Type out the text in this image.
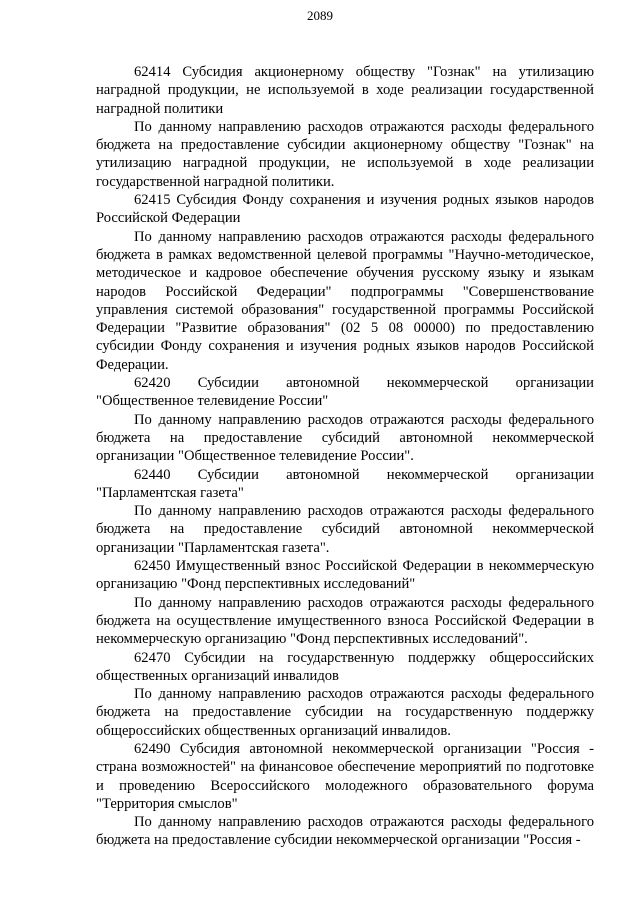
2089

62414 Субсидия акционерному обществу "Гознак" на утилизацию наградной продукции, не используемой в ходе реализации государственной наградной политики

По данному направлению расходов отражаются расходы федерального бюджета на предоставление субсидии акционерному обществу "Гознак" на утилизацию наградной продукции, не используемой в ходе реализации государственной наградной политики.

62415 Субсидия Фонду сохранения и изучения родных языков народов Российской Федерации

По данному направлению расходов отражаются расходы федерального бюджета в рамках ведомственной целевой программы "Научно-методическое, методическое и кадровое обеспечение обучения русскому языку и языкам народов Российской Федерации" подпрограммы "Совершенствование управления системой образования" государственной программы Российской Федерации "Развитие образования" (02 5 08 00000) по предоставлению субсидии Фонду сохранения и изучения родных языков народов Российской Федерации.

62420 Субсидии автономной некоммерческой организации "Общественное телевидение России"

По данному направлению расходов отражаются расходы федерального бюджета на предоставление субсидий автономной некоммерческой организации "Общественное телевидение России".

62440 Субсидии автономной некоммерческой организации "Парламентская газета"

По данному направлению расходов отражаются расходы федерального бюджета на предоставление субсидий автономной некоммерческой организации "Парламентская газета".

62450 Имущественный взнос Российской Федерации в некоммерческую организацию "Фонд перспективных исследований"

По данному направлению расходов отражаются расходы федерального бюджета на осуществление имущественного взноса Российской Федерации в некоммерческую организацию "Фонд перспективных исследований".

62470 Субсидии на государственную поддержку общероссийских общественных организаций инвалидов

По данному направлению расходов отражаются расходы федерального бюджета на предоставление субсидии на государственную поддержку общероссийских общественных организаций инвалидов.

62490 Субсидия автономной некоммерческой организации "Россия - страна возможностей" на финансовое обеспечение мероприятий по подготовке и проведению Всероссийского молодежного образовательного форума "Территория смыслов"

По данному направлению расходов отражаются расходы федерального бюджета на предоставление субсидии некоммерческой организации "Россия -
